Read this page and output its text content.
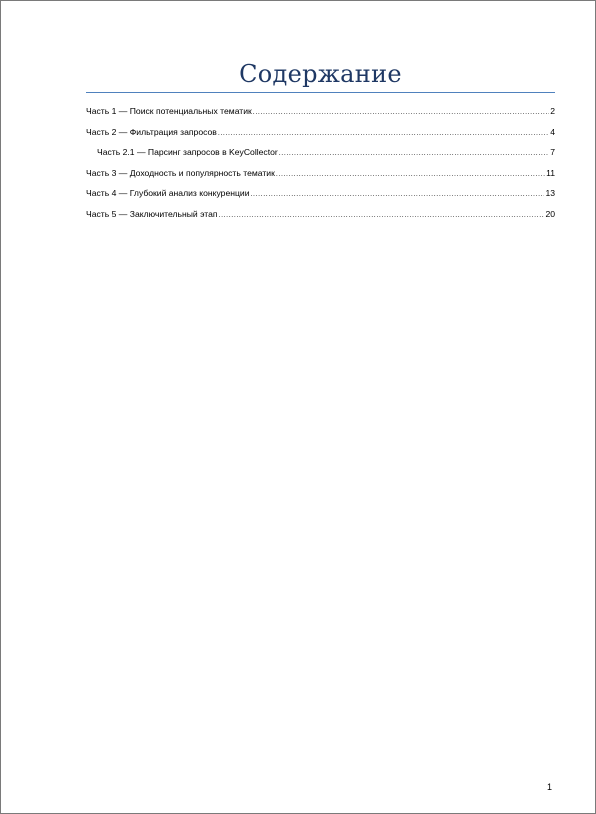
Содержание
Часть 1 — Поиск потенциальных тематик .....	2
Часть 2 — Фильтрация запросов .....	4
Часть 2.1 — Парсинг запросов в KeyCollector .....	7
Часть 3 — Доходность и популярность тематик .....	11
Часть 4 — Глубокий анализ конкуренции .....	13
Часть 5 — Заключительный этап .....	20
1
